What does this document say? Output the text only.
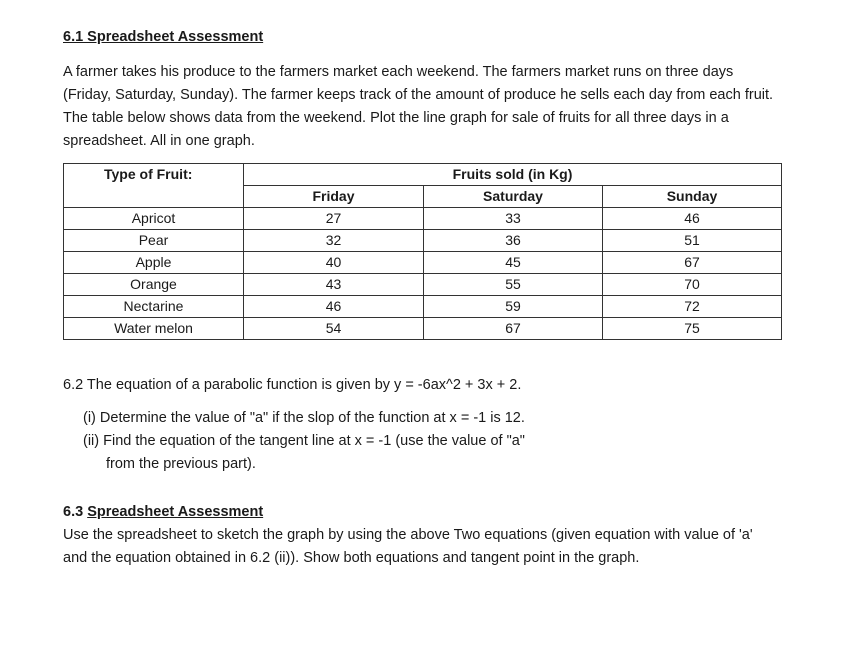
6.1 Spreadsheet Assessment

A farmer takes his produce to the farmers market each weekend. The farmers market runs on three days (Friday, Saturday, Sunday). The farmer keeps track of the amount of produce he sells each day from each fruit. The table below shows data from the weekend. Plot the line graph for sale of fruits for all three days in a spreadsheet. All in one graph.

Type of Fruit:	Fruits sold (in Kg)		
	Friday	Saturday	Sunday
Apricot	27	33	46
Pear	32	36	51
Apple	40	45	67
Orange	43	55	70
Nectarine	46	59	72
Water melon	54	67	75

6.2 The equation of a parabolic function is given by y = -6ax^2 + 3x + 2.

(i) Determine the value of "a" if the slop of the function at x = -1 is 12.
(ii) Find the equation of the tangent line at x = -1 (use the value of "a"
from the previous part).

6.3 Spreadsheet Assessment

Use the spreadsheet to sketch the graph by using the above Two equations (given equation with value of 'a' and the equation obtained in 6.2 (ii)). Show both equations and tangent point in the graph.
